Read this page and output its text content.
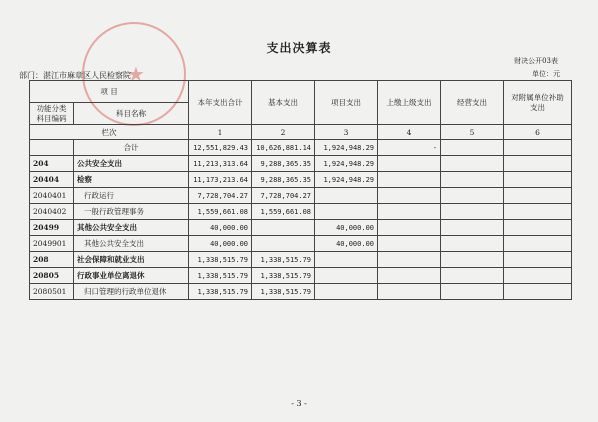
★
支出决算表
财决公开03表
部门：湛江市麻章区人民检察院	单位：元
项 目		本年支出合计	基本支出	项目支出	上缴上级支出	经营支出	对附属单位补助
支出
功能分类
科目编码	科目名称						
栏次		1	2	3	4	5	6
	合计	12,551,829.43	10,626,881.14	1,924,948.29	-		
204	公共安全支出	11,213,313.64	9,288,365.35	1,924,948.29			
20404	检察	11,173,213.64	9,288,365.35	1,924,948.29			
2040401	行政运行	7,728,704.27	7,728,704.27				
2040402	一般行政管理事务	1,559,661.08	1,559,661.08				
20499	其他公共安全支出	40,000.00		40,000.00			
2049901	其他公共安全支出	40,000.00		40,000.00			
208	社会保障和就业支出	1,338,515.79	1,338,515.79				
20805	行政事业单位离退休	1,338,515.79	1,338,515.79				
2080501	归口管理的行政单位退休	1,338,515.79	1,338,515.79				
- 3 -
